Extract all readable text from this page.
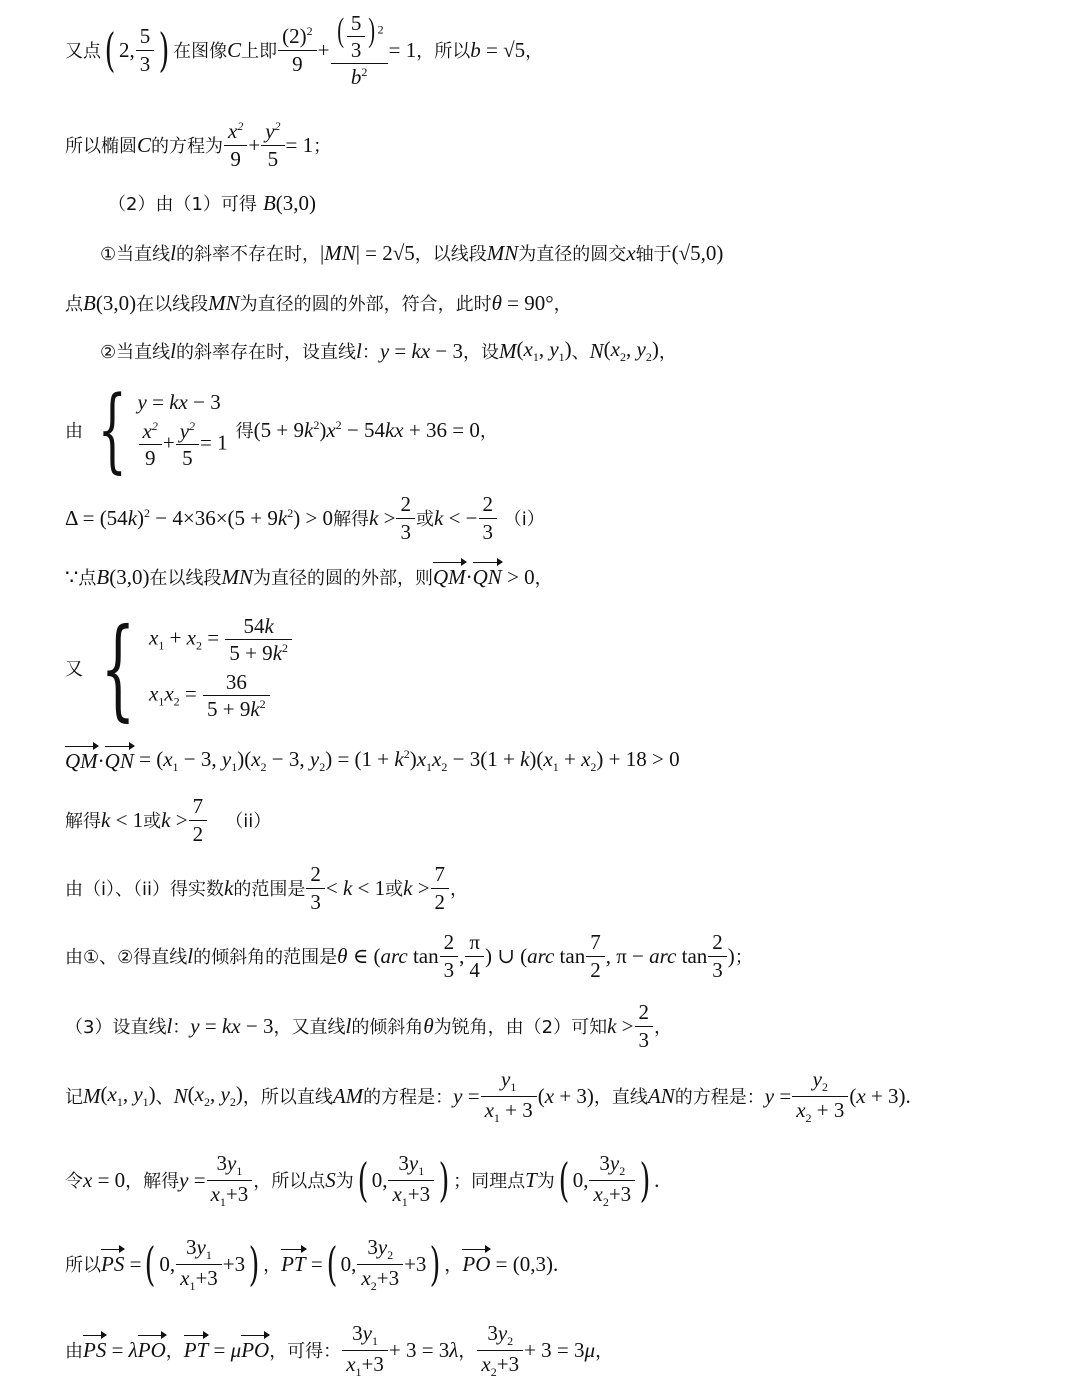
又点 ( 2, $\frac{5}{3}$ ) 在图像 C 上即 $\frac{(2)^2}{9} + \frac{( \frac{5}{3} ) ^2}{b^2} = 1$ ，所以 b = √5 ，
所以椭圆 C 的方程为 $\frac{x^2}{9} + \frac{y^2}{5} = 1$ ；
（2）由（1）可得
B (3,0)
①当直线 l 的斜率不存在时， |MN| = 2√5 ，以线段 MN 为直径的圆交 x 轴于 (√5,0)
点 B (3,0) 在以线段 MN 为直径的圆的外部，符合，此时 θ = 90° ，
②当直线 l 的斜率存在时，设直线 l ： y = kx − 3 ，设 M ($x_1$, $y_1$) 、 N ($x_2$, $y_2$) ，
由 { y = kx − 3
$\frac{x^2}{9} + \frac{y^2}{5} = 1$ 得 $(5 + 9k^2)x^2 - 54kx + 36 = 0$ ，
$\Delta = (54k)^2 - 4\times 36\times(5 + 9k^2) > 0$ 解得 $k > \frac{2}{3}$ 或 k < − $\frac{2}{3} (i)$
∵ 点 B (3,0) 在以线段 MN 为直径的圆的外部，则 QM · QN > 0 ，
又 { $x_1 + x_2 = \frac{54k}{5 + 9k^2}$
$x_1x_2 = \frac{36}{5 + 9k^2}$
QM · QN = ($x_1 - 3$, $y_1)(x_2 - 3$, $y_2) = (1 + k^2)x_1x_2 - 3(1 + k)(x_1 + x_2) + 18 > 0$
解得 k < 1 或 $k > \frac{7}{2} (ii)$
由（i）、（ii）得实数 k 的范围是 $\frac{2}{3} < k < 1$ 或 $k > \frac{7}{2}$ ，
由①、②得直线 l 的倾斜角的范围是 θ ∈ (arc $\tan \frac{2}{3}$ , $\frac{\pi}{4}$ ) ∪ (arc $\tan \frac{7}{2}$ , π − arc $\tan \frac{2}{3}$ ) ；
（3）设直线 l ： y = kx − 3 ，又直线 l 的倾斜角 θ 为锐角，由（2）可知 $k > \frac{2}{3}$ ，
记 M ($x_1$, $y_1$) 、 N ($x_2$, $y_2$) ，所以直线 AM 的方程是： $y = \frac{y_1}{x_1 + 3} (x + 3)$ ，直线 AN 的方程是： $y = \frac{y_2}{x_2 + 3} (x + 3)$.
令 x = 0 ，解得 $y = \frac{3y_1}{x_1+3}$ ，所以点 S 为 ( 0, $\frac{3y_1}{x_1+3}$ ) ；同理点 T 为 ( 0, $\frac{3y_2}{x_2+3}$ ) .
所以 PS = ( 0, $\frac{3y_1}{x_1+3} +3$ ) ， PT = ( 0, $\frac{3y_2}{x_2+3} +3$ ) ， PO = (0,3).
由 PS = λ PO ， PT = μ PO ，可得： $\frac{3y_1}{x_1+3} + 3 = 3\lambda$ ， $\frac{3y_2}{x_2+3} + 3 = 3\mu$ ，
